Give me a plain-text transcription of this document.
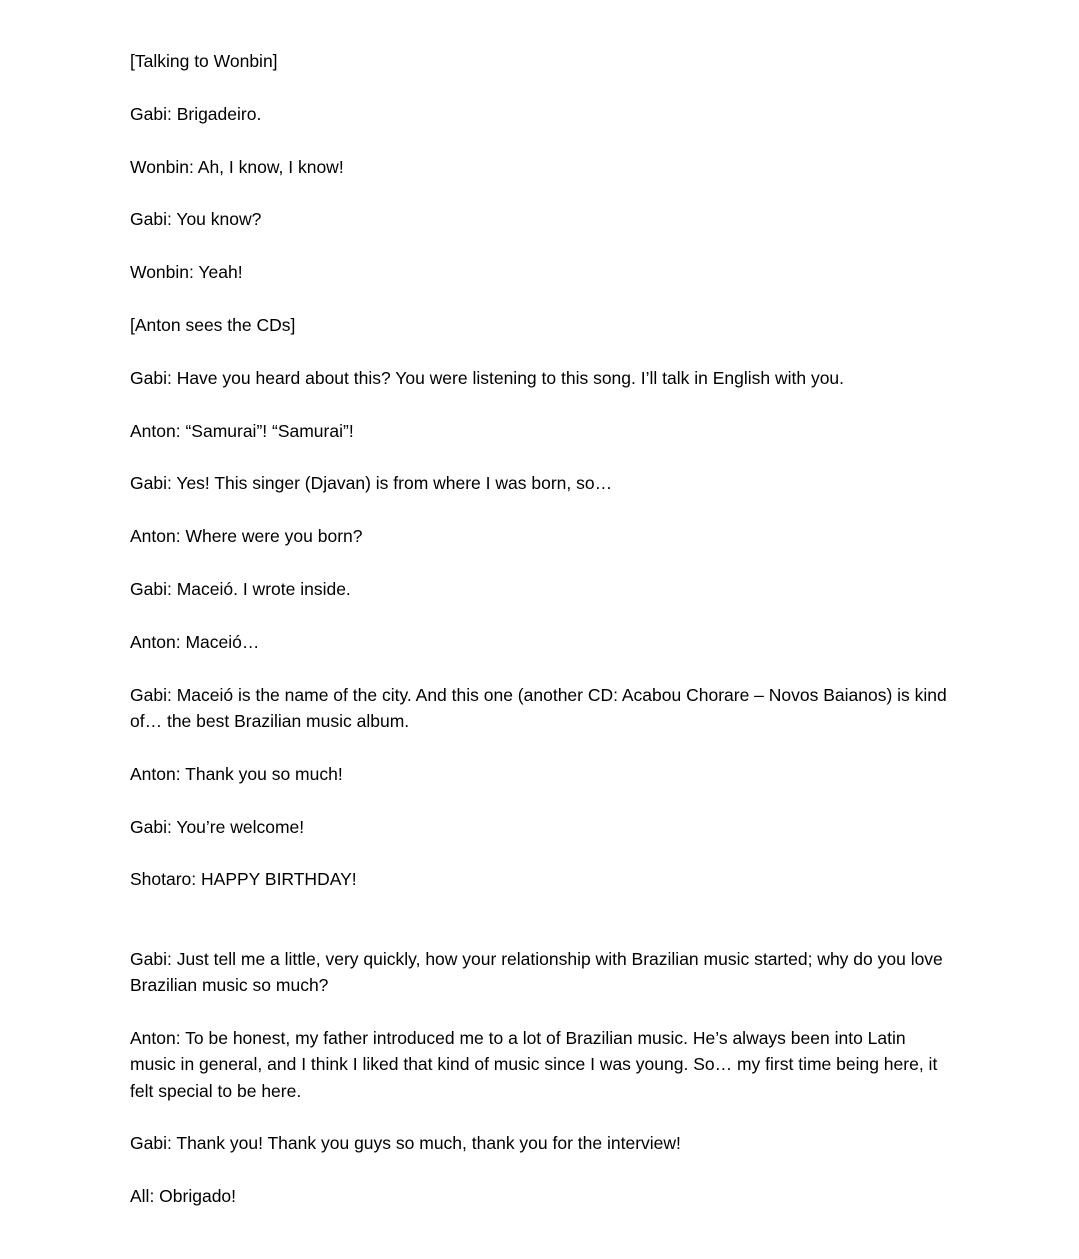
[Talking to Wonbin]

Gabi: Brigadeiro.

Wonbin: Ah, I know, I know!

Gabi: You know?

Wonbin: Yeah!

[Anton sees the CDs]

Gabi: Have you heard about this? You were listening to this song. I’ll talk in English with you.

Anton: “Samurai”! “Samurai”!

Gabi: Yes! This singer (Djavan) is from where I was born, so…

Anton: Where were you born?

Gabi: Maceió. I wrote inside.

Anton: Maceió…

Gabi: Maceió is the name of the city. And this one (another CD: Acabou Chorare – Novos Baianos) is kind of… the best Brazilian music album.

Anton: Thank you so much!

Gabi: You’re welcome!

Shotaro: HAPPY BIRTHDAY!

Gabi: Just tell me a little, very quickly, how your relationship with Brazilian music started; why do you love Brazilian music so much?

Anton: To be honest, my father introduced me to a lot of Brazilian music. He’s always been into Latin music in general, and I think I liked that kind of music since I was young. So… my first time being here, it felt special to be here.

Gabi: Thank you! Thank you guys so much, thank you for the interview!

All: Obrigado!
